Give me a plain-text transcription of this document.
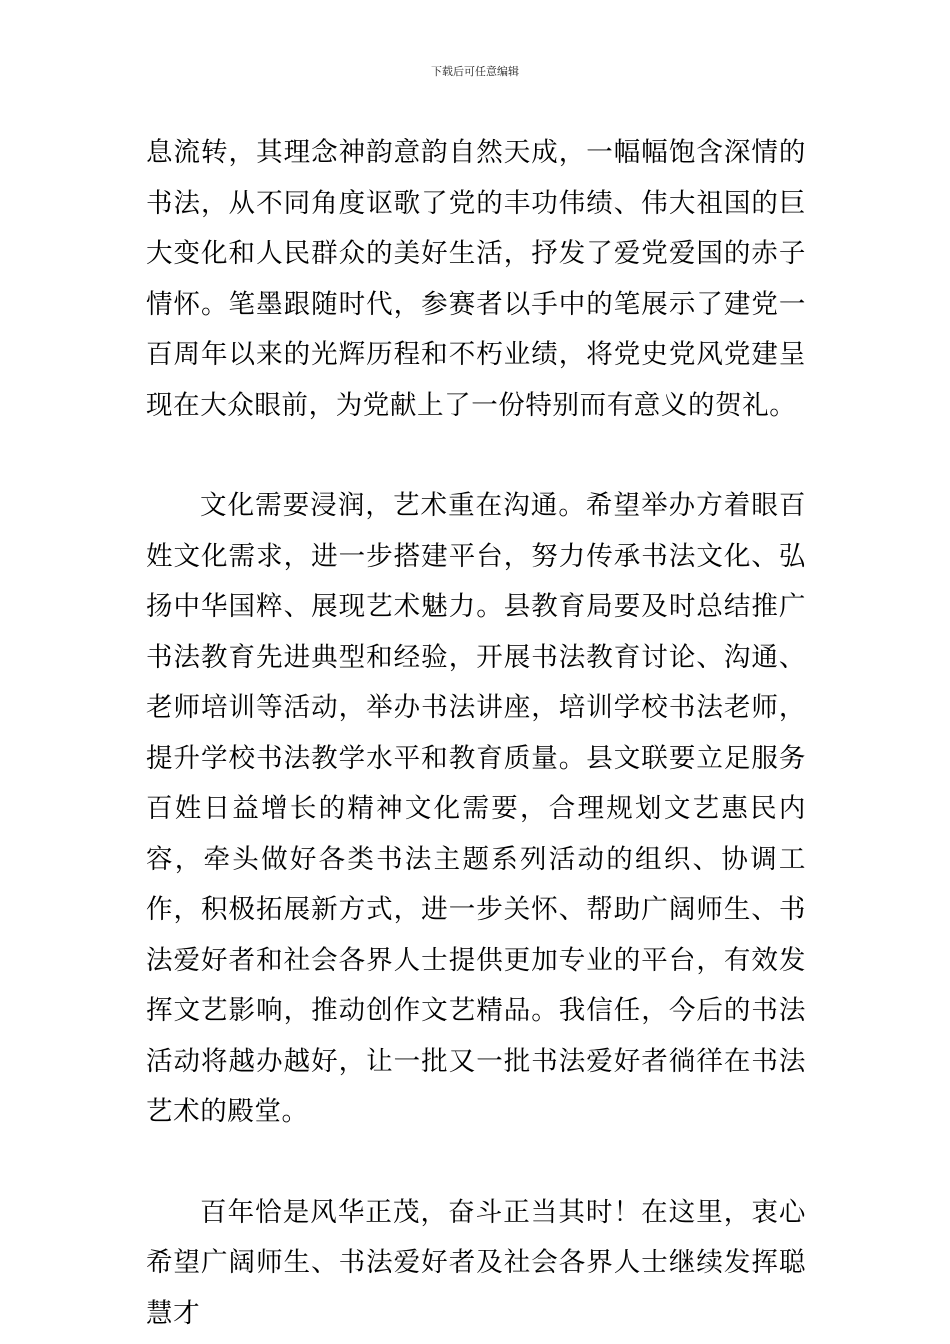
下载后可任意编辑

息流转，其理念神韵意韵自然天成，一幅幅饱含深情的书法，从不同角度讴歌了党的丰功伟绩、伟大祖国的巨大变化和人民群众的美好生活，抒发了爱党爱国的赤子情怀。笔墨跟随时代，参赛者以手中的笔展示了建党一百周年以来的光辉历程和不朽业绩，将党史党风党建呈现在大众眼前，为党献上了一份特别而有意义的贺礼。

文化需要浸润，艺术重在沟通。希望举办方着眼百姓文化需求，进一步搭建平台，努力传承书法文化、弘扬中华国粹、展现艺术魅力。县教育局要及时总结推广书法教育先进典型和经验，开展书法教育讨论、沟通、老师培训等活动，举办书法讲座，培训学校书法老师，提升学校书法教学水平和教育质量。县文联要立足服务百姓日益增长的精神文化需要，合理规划文艺惠民内容，牵头做好各类书法主题系列活动的组织、协调工作，积极拓展新方式，进一步关怀、帮助广阔师生、书法爱好者和社会各界人士提供更加专业的平台，有效发挥文艺影响，推动创作文艺精品。我信任，今后的书法活动将越办越好，让一批又一批书法爱好者徜徉在书法艺术的殿堂。

百年恰是风华正茂，奋斗正当其时！在这里，衷心希望广阔师生、书法爱好者及社会各界人士继续发挥聪慧才
